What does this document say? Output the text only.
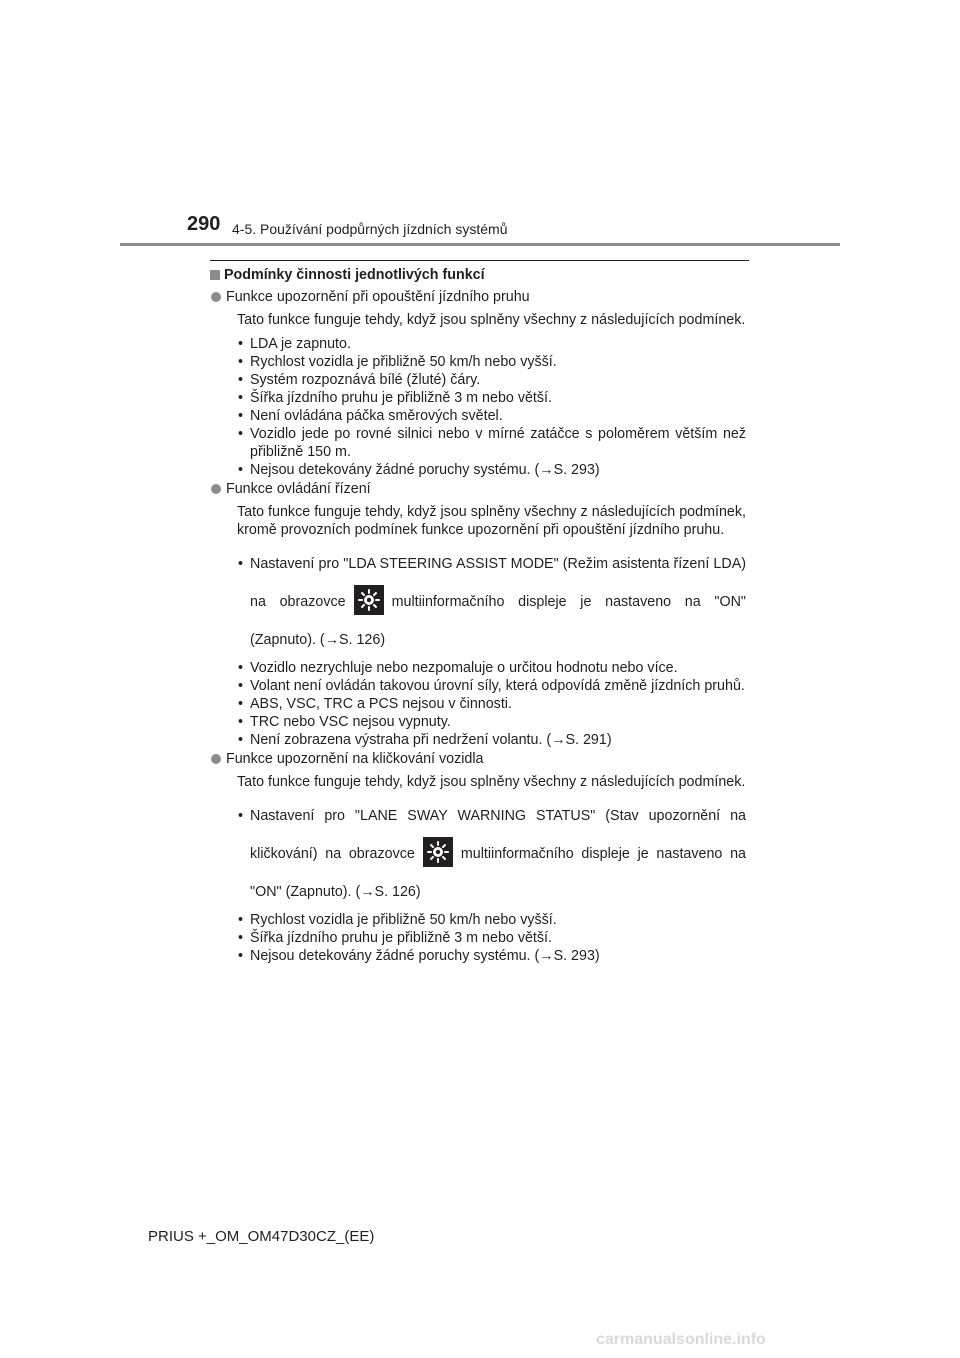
290 4-5. Používání podpůrných jízdních systémů
Podmínky činnosti jednotlivých funkcí
Funkce upozornění při opouštění jízdního pruhu

Tato funkce funguje tehdy, když jsou splněny všechny z následujících podmínek.

• LDA je zapnuto.
• Rychlost vozidla je přibližně 50 km/h nebo vyšší.
• Systém rozpoznává bílé (žluté) čáry.
• Šířka jízdního pruhu je přibližně 3 m nebo větší.
• Není ovládána páčka směrových světel.
• Vozidlo jede po rovné silnici nebo v mírné zatáčce s poloměrem větším než přibližně 150 m.
• Nejsou detekovány žádné poruchy systému. (→S. 293)
Funkce ovládání řízení

Tato funkce funguje tehdy, když jsou splněny všechny z následujících podmínek, kromě provozních podmínek funkce upozornění při opouštění jízdního pruhu.

• Nastavení pro "LDA STEERING ASSIST MODE" (Režim asistenta řízení LDA) na obrazovce	multiinformačního displeje je nastaveno na "ON" (Zapnuto). (→S. 126)
• Vozidlo nezrychluje nebo nezpomaluje o určitou hodnotu nebo více.
• Volant není ovládán takovou úrovní síly, která odpovídá změně jízdních pruhů.
• ABS, VSC, TRC a PCS nejsou v činnosti.
• TRC nebo VSC nejsou vypnuty.
• Není zobrazena výstraha při nedržení volantu. (→S. 291)
Funkce upozornění na kličkování vozidla

Tato funkce funguje tehdy, když jsou splněny všechny z následujících podmínek.

• Nastavení pro "LANE SWAY WARNING STATUS" (Stav upozornění na kličkování) na obrazovce	multiinformačního displeje je nastaveno na "ON" (Zapnuto). (→S. 126)
• Rychlost vozidla je přibližně 50 km/h nebo vyšší.
• Šířka jízdního pruhu je přibližně 3 m nebo větší.
• Nejsou detekovány žádné poruchy systému. (→S. 293)
PRIUS +_OM_OM47D30CZ_(EE)
carmanualsonline.info
